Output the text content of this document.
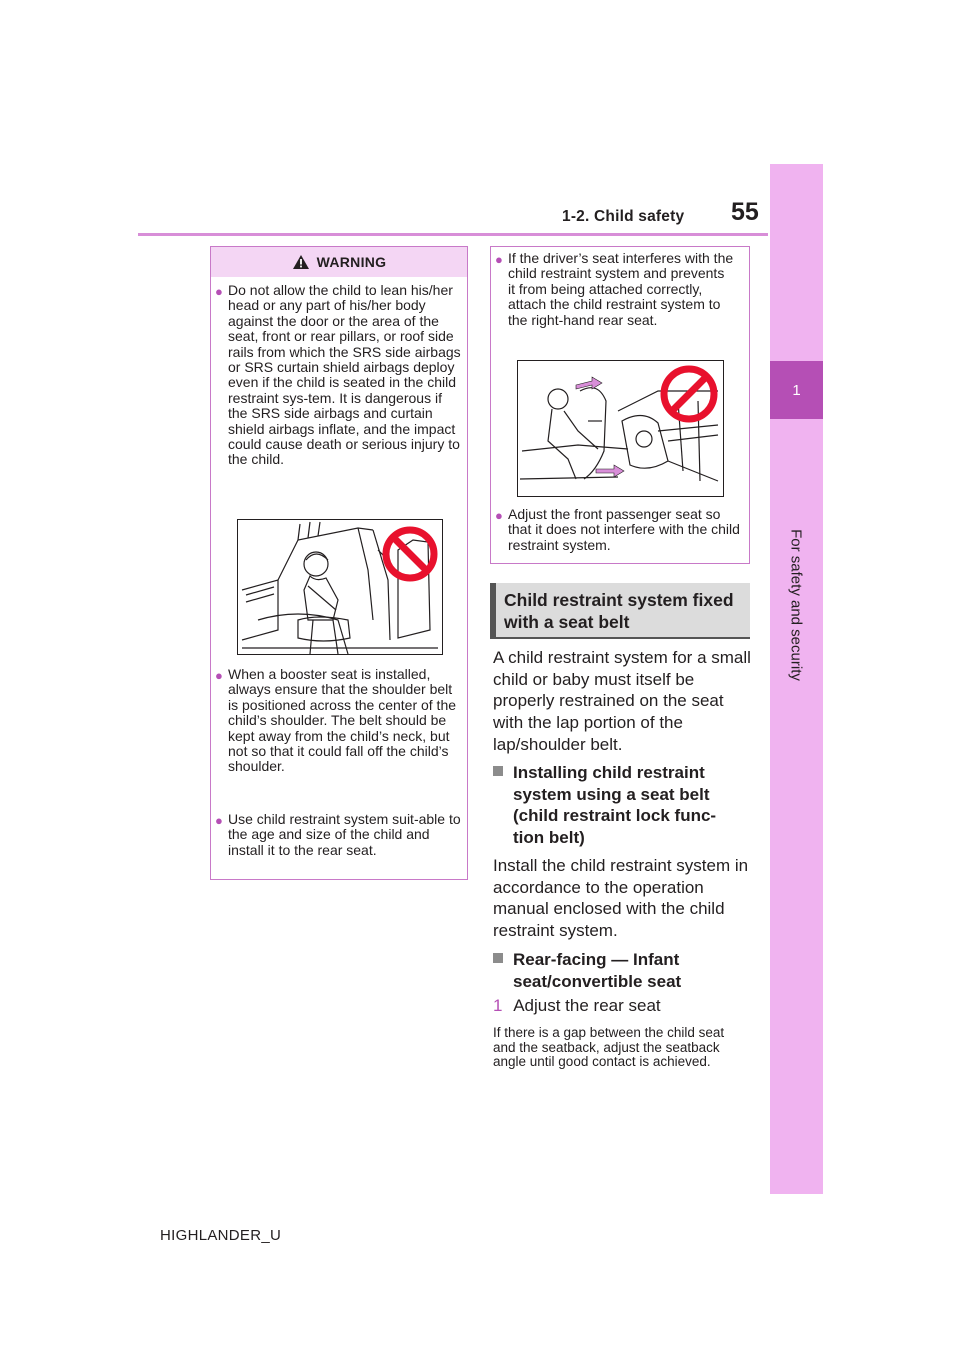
1-2. Child safety 55
1
For safety and security
WARNING
● Do not allow the child to lean his/her head or any part of his/her body against the door or the area of the seat, front or rear pillars, or roof side rails from which the SRS side airbags or SRS curtain shield airbags deploy even if the child is seated in the child restraint sys-tem. It is dangerous if the SRS side airbags and curtain shield airbags inflate, and the impact could cause death or serious injury to the child.
● When a booster seat is installed, always ensure that the shoulder belt is positioned across the center of the child’s shoulder. The belt should be kept away from the child’s neck, but not so that it could fall off the child’s shoulder.
● Use child restraint system suit-able to the age and size of the child and install it to the rear seat.
● If the driver’s seat interferes with the child restraint system and prevents it from being attached correctly, attach the child restraint system to the right-hand rear seat.
● Adjust the front passenger seat so that it does not interfere with the child restraint system.
Child restraint system fixed with a seat belt
A child restraint system for a small child or baby must itself be properly restrained on the seat with the lap portion of the lap/shoulder belt.
Installing child restraint system using a seat belt (child restraint lock func-tion belt)
Install the child restraint system in accordance to the operation manual enclosed with the child restraint system.
Rear-facing — Infant seat/convertible seat
1 Adjust the rear seat
If there is a gap between the child seat and the seatback, adjust the seatback angle until good contact is achieved.
HIGHLANDER_U
